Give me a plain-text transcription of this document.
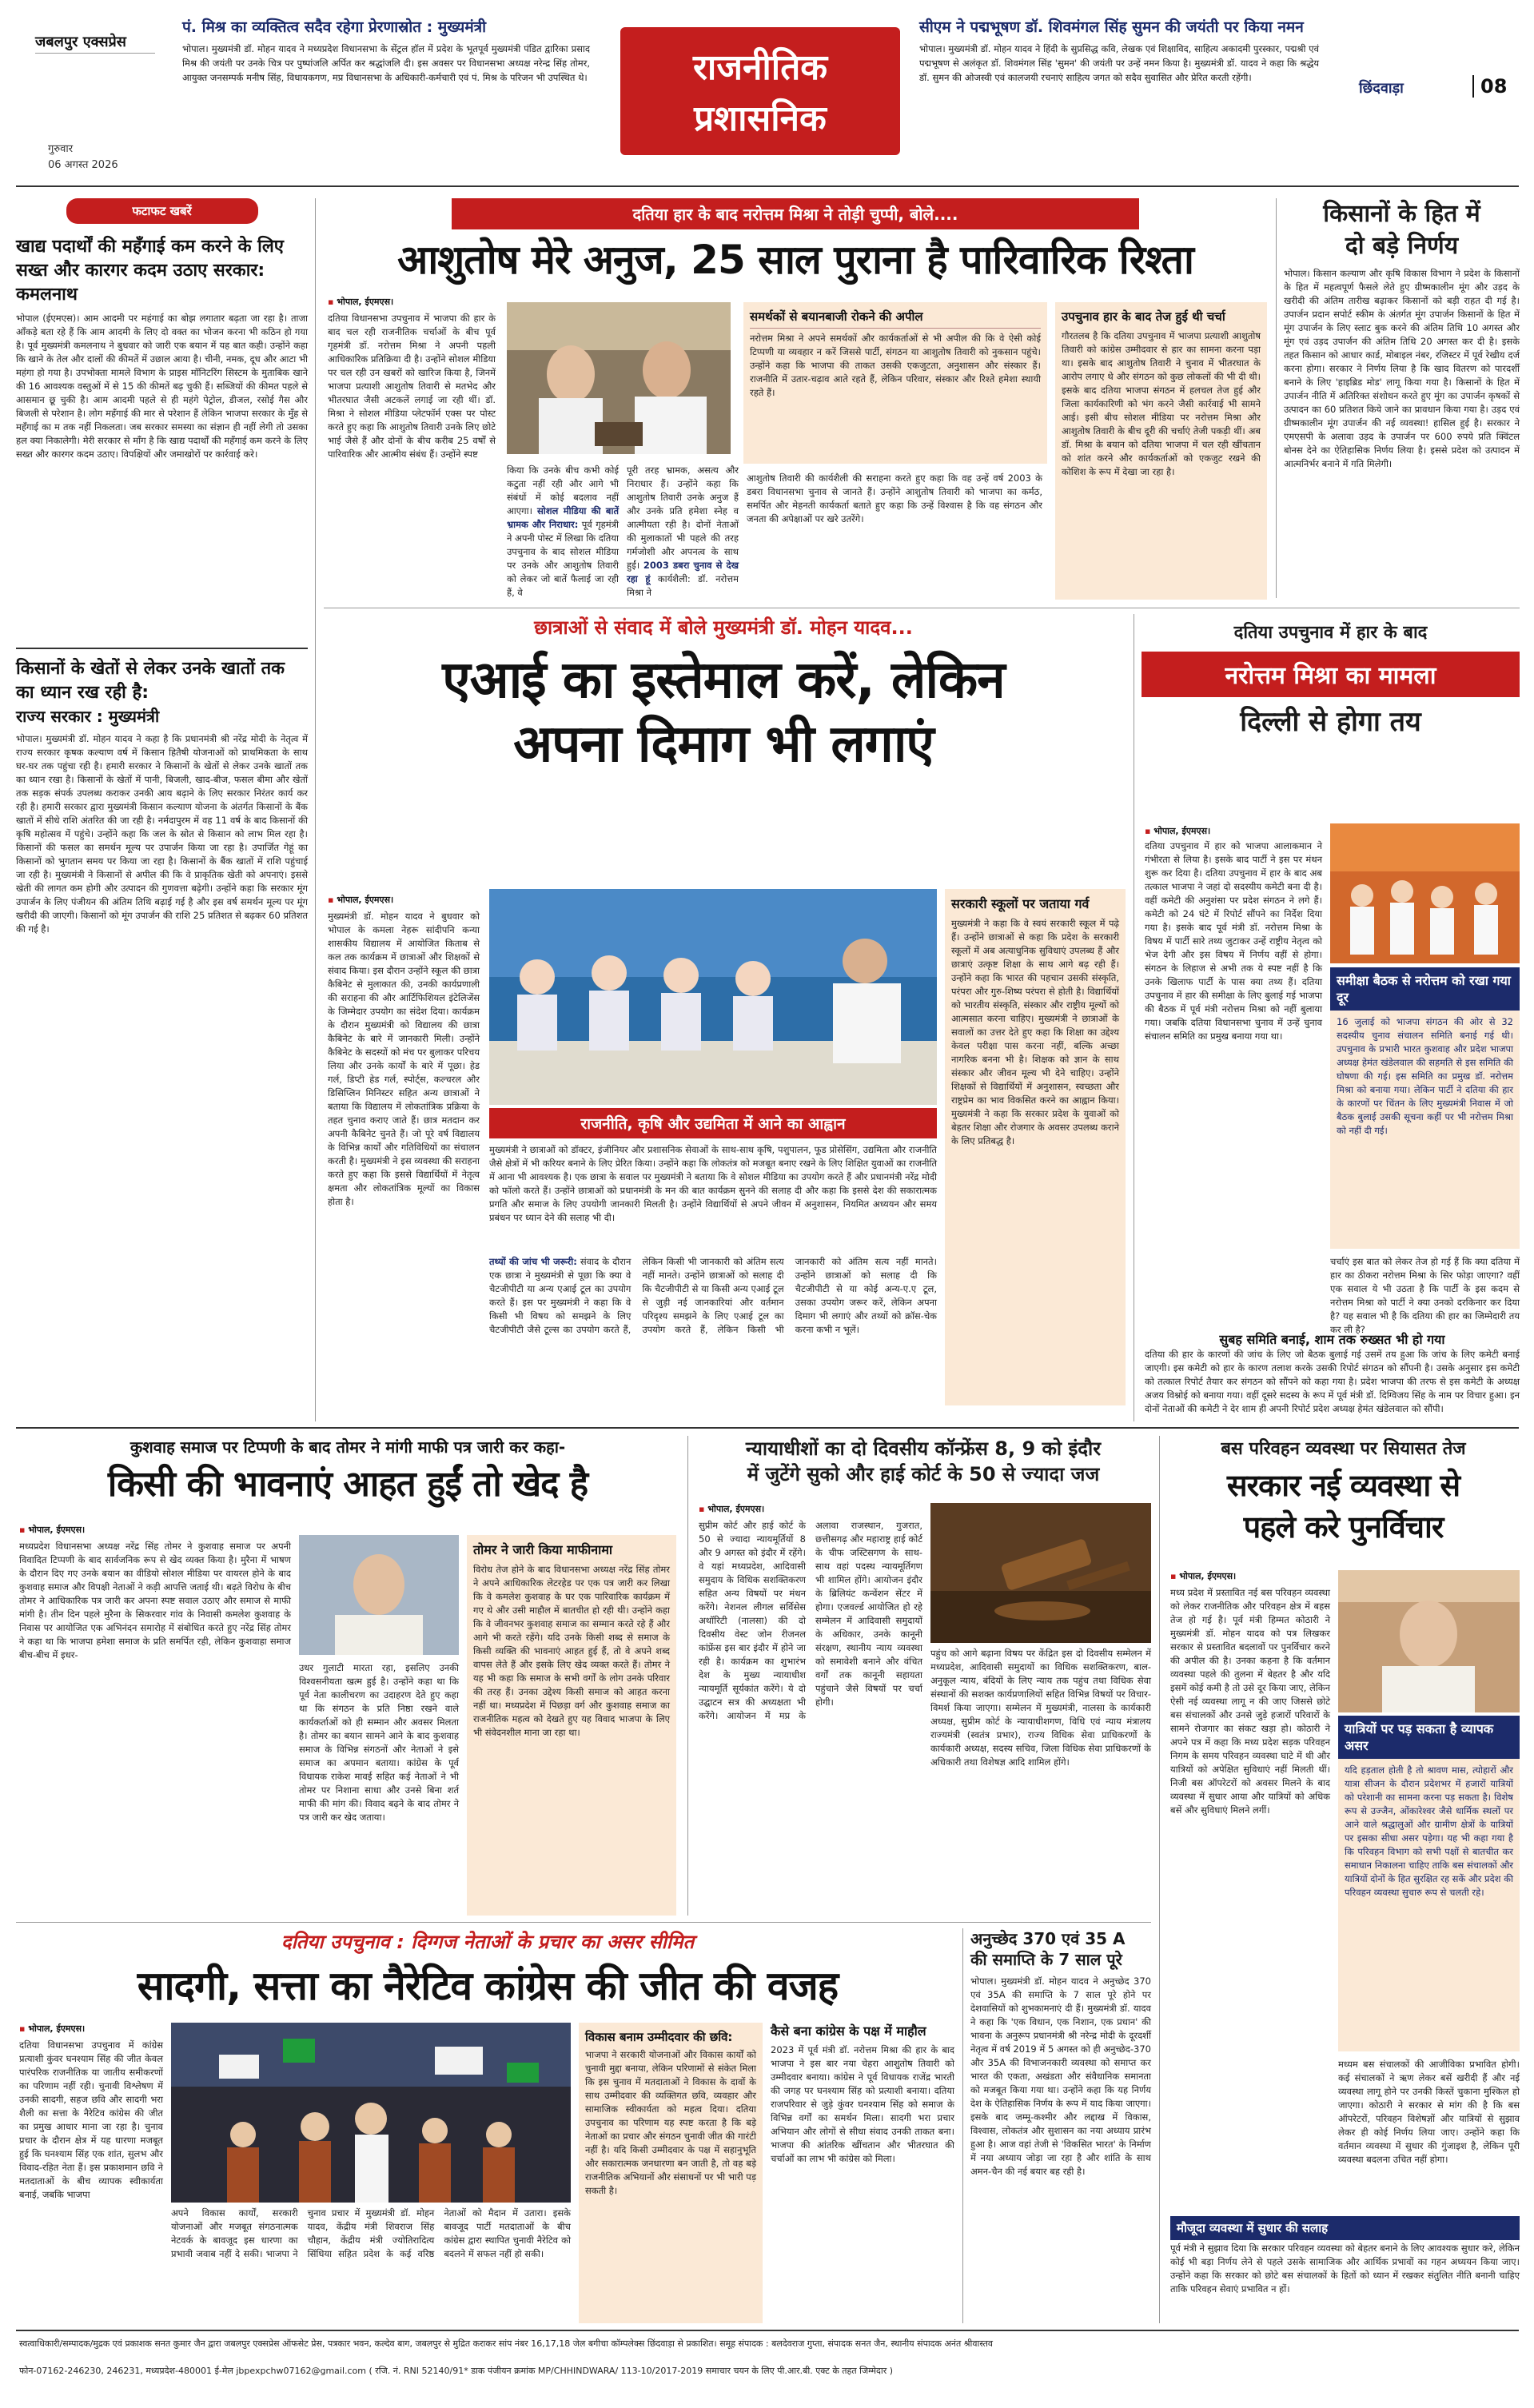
जबलपुर एक्सप्रेस
गुरुवार
06 अगस्त 2026
पं. मिश्र का व्यक्तित्व सदैव रहेगा प्रेरणास्रोत : मुख्यमंत्री
भोपाल। मुख्यमंत्री डॉ. मोहन यादव ने मध्यप्रदेश विधानसभा के सेंट्रल हॉल में प्रदेश के भूतपूर्व मुख्यमंत्री पंडित द्वारिका प्रसाद मिश्र की जयंती पर उनके चित्र पर पुष्पांजलि अर्पित कर श्रद्धांजलि दी। इस अवसर पर विधानसभा अध्यक्ष नरेन्द्र सिंह तोमर, आयुक्त जनसम्पर्क मनीष सिंह, विधायकगण, मप्र विधानसभा के अधिकारी-कर्मचारी एवं पं. मिश्र के परिजन भी उपस्थित थे।	राजनीतिक
प्रशासनिक
सीएम ने पद्मभूषण डॉ. शिवमंगल सिंह सुमन की जयंती पर किया नमन
भोपाल। मुख्यमंत्री डॉ. मोहन यादव ने हिंदी के सुप्रसिद्ध कवि, लेखक एवं शिक्षाविद, साहित्य अकादमी पुरस्कार, पद्मश्री एवं पद्मभूषण से अलंकृत डॉ. शिवमंगल सिंह 'सुमन' की जयंती पर उन्हें नमन किया है। मुख्यमंत्री डॉ. यादव ने कहा कि श्रद्धेय डॉ. सुमन की ओजस्वी एवं कालजयी रचनाएं साहित्य जगत को सदैव सुवासित और प्रेरित करती रहेंगी।
छिंदवाड़ा	08
फटाफट खबरें
खाद्य पदार्थों की महँगाई कम करने के लिए सख्त और कारगर कदम उठाए सरकार: कमलनाथ
भोपाल (ईएमएस)। आम आदमी पर महंगाई का बोझ लगातार बढ़ता जा रहा है। ताजा आँकड़े बता रहे हैं कि आम आदमी के लिए दो वक्त का भोजन करना भी कठिन हो गया है। पूर्व मुख्यमंत्री कमलनाथ ने बुधवार को जारी एक बयान में यह बात कही। उन्होंने कहा कि खाने के तेल और दालों की कीमतें में उछाल आया है। चीनी, नमक, दूध और आटा भी महंगा हो गया है। उपभोक्ता मामले विभाग के प्राइस मॉनिटरिंग सिस्टम के मुताबिक खाने की 16 आवश्यक वस्तुओं में से 15 की कीमतें बढ़ चुकी हैं। सब्जियों की कीमत पहले से आसमान छू चुकी है। आम आदमी पहले से ही महंगे पेट्रोल, डीजल, रसोई गैस और बिजली से परेशान है। लोग महँगाई की मार से परेशान हैं लेकिन भाजपा सरकार के मुँह से महँगाई का म तक नहीं निकलता। जब सरकार समस्या का संज्ञान ही नहीं लेगी तो उसका हल क्या निकालेगी। मेरी सरकार से माँग है कि खाद्य पदार्थों की महँगाई कम करने के लिए सख्त और कारगर कदम उठाए। विपक्षियों और जमाखोरों पर कार्रवाई करे।
किसानों के खेतों से लेकर उनके खातों तक का ध्यान रख रही है:
राज्य सरकार : मुख्यमंत्री
भोपाल। मुख्यमंत्री डॉ. मोहन यादव ने कहा है कि प्रधानमंत्री श्री नरेंद्र मोदी के नेतृत्व में राज्य सरकार कृषक कल्याण वर्ष में किसान हितैषी योजनाओं को प्राथमिकता के साथ घर-घर तक पहुंचा रही है। हमारी सरकार ने किसानों के खेतों से लेकर उनके खातों तक का ध्यान रखा है। किसानों के खेतों में पानी, बिजली, खाद-बीज, फसल बीमा और खेतों तक सड़क संपर्क उपलब्ध कराकर उनकी आय बढ़ाने के लिए सरकार निरंतर कार्य कर रही है। हमारी सरकार द्वारा मुख्यमंत्री किसान कल्याण योजना के अंतर्गत किसानों के बैंक खातों में सीधे राशि अंतरित की जा रही है। नर्मदापुरम में वह 11 वर्ष के बाद किसानों की कृषि महोत्सव में पहुंचे। उन्होंने कहा कि जल के स्रोत से किसान को लाभ मिल रहा है। किसानों की फसल का समर्थन मूल्य पर उपार्जन किया जा रहा है। उपार्जित गेहूं का किसानों को भुगतान समय पर किया जा रहा है। किसानों के बैंक खातों में राशि पहुंचाई जा रही है। मुख्यमंत्री ने किसानों से अपील की कि वे प्राकृतिक खेती को अपनाएं। इससे खेती की लागत कम होगी और उत्पादन की गुणवत्ता बढ़ेगी। उन्होंने कहा कि सरकार मूंग उपार्जन के लिए पंजीयन की अंतिम तिथि बढ़ाई गई है और इस वर्ष समर्थन मूल्य पर मूंग खरीदी की जाएगी। किसानों को मूंग उपार्जन की राशि 25 प्रतिशत से बढ़कर 60 प्रतिशत की गई है।
दतिया हार के बाद नरोत्तम मिश्रा ने तोड़ी चुप्पी, बोले....
आशुतोष मेरे अनुज, 25 साल पुराना है पारिवारिक रिश्ता
▪ भोपाल, ईएमएस।
दतिया विधानसभा उपचुनाव में भाजपा की हार के बाद चल रही राजनीतिक चर्चाओं के बीच पूर्व गृहमंत्री डॉ. नरोत्तम मिश्रा ने अपनी पहली आधिकारिक प्रतिक्रिया दी है। उन्होंने सोशल मीडिया पर चल रही उन खबरों को खारिज किया है, जिनमें भाजपा प्रत्याशी आशुतोष तिवारी से मतभेद और भीतरघात जैसी अटकलें लगाई जा रही थीं। डॉ. मिश्रा ने सोशल मीडिया प्लेटफॉर्म एक्स पर पोस्ट करते हुए कहा कि आशुतोष तिवारी उनके लिए छोटे भाई जैसे हैं और दोनों के बीच करीब 25 वर्षों से पारिवारिक और आत्मीय संबंध हैं। उन्होंने स्पष्ट
किया कि उनके बीच कभी कोई कटुता नहीं रही और आगे भी संबंधों में कोई बदलाव नहीं आएगा। सोशल मीडिया की बातें भ्रामक और निराधार: पूर्व गृहमंत्री ने अपनी पोस्ट में लिखा कि दतिया उपचुनाव के बाद सोशल मीडिया पर उनके और आशुतोष तिवारी को लेकर जो बातें फैलाई जा रही हैं, वे
पूरी तरह भ्रामक, असत्य और निराधार हैं। उन्होंने कहा कि आशुतोष तिवारी उनके अनुज हैं और उनके प्रति हमेशा स्नेह व आत्मीयता रही है। दोनों नेताओं की मुलाकातों भी पहले की तरह गर्मजोशी और अपनत्व के साथ हुईं। 2003 डबरा चुनाव से देख रहा हूं कार्यशैली: डॉ. नरोत्तम मिश्रा ने
समर्थकों से बयानबाजी रोकने की अपील
नरोत्तम मिश्रा ने अपने समर्थकों और कार्यकर्ताओं से भी अपील की कि वे ऐसी कोई टिप्पणी या व्यवहार न करें जिससे पार्टी, संगठन या आशुतोष तिवारी को नुकसान पहुंचे। उन्होंने कहा कि भाजपा की ताकत उसकी एकजुटता, अनुशासन और संस्कार हैं। राजनीति में उतार-चढ़ाव आते रहते हैं, लेकिन परिवार, संस्कार और रिश्ते हमेशा स्थायी रहते हैं।
आशुतोष तिवारी की कार्यशैली की सराहना करते हुए कहा कि वह उन्हें वर्ष 2003 के डबरा विधानसभा चुनाव से जानते हैं। उन्होंने आशुतोष तिवारी को भाजपा का कर्मठ, समर्पित और मेहनती कार्यकर्ता बताते हुए कहा कि उन्हें विश्वास है कि वह संगठन और जनता की अपेक्षाओं पर खरे उतरेंगे।
उपचुनाव हार के बाद तेज हुई थी चर्चा
गौरतलब है कि दतिया उपचुनाव में भाजपा प्रत्याशी आशुतोष तिवारी को कांग्रेस उम्मीदवार से हार का सामना करना पड़ा था। इसके बाद आशुतोष तिवारी ने चुनाव में भीतरघात के आरोप लगाए थे और संगठन को कुछ लोकलों की भी दी थी। इसके बाद दतिया भाजपा संगठन में हलचल तेज हुई और जिला कार्यकारिणी को भंग करने जैसी कार्रवाई भी सामने आई। इसी बीच सोशल मीडिया पर नरोत्तम मिश्रा और आशुतोष तिवारी के बीच दूरी की चर्चाएं तेजी पकड़ी थीं। अब डॉ. मिश्रा के बयान को दतिया भाजपा में चल रही खींचतान को शांत करने और कार्यकर्ताओं को एकजुट रखने की कोशिश के रूप में देखा जा रहा है।
किसानों के हित में
दो बड़े निर्णय
भोपाल। किसान कल्याण और कृषि विकास विभाग ने प्रदेश के किसानों के हित में महत्वपूर्ण फैसले लेते हुए ग्रीष्मकालीन मूंग और उड़द के खरीदी की अंतिम तारीख बढ़ाकर किसानों को बड़ी राहत दी गई है। उपार्जन प्रदान सपोर्ट स्कीम के अंतर्गत मूंग उपार्जन किसानों के हित में मूंग उपार्जन के लिए स्लाट बुक करने की अंतिम तिथि 10 अगस्त और मूंग एवं उड़द उपार्जन की अंतिम तिथि 20 अगस्त कर दी है। इसके तहत किसान को आधार कार्ड, मोबाइल नंबर, रजिस्टर में पूर्व रेखीय दर्ज करना होगा। सरकार ने निर्णय लिया है कि खाद वितरण को पारदर्शी बनाने के लिए 'हाइब्रिड मोड' लागू किया गया है। किसानों के हित में उपार्जन नीति में अतिरिक्त संशोधन करते हुए मूंग का उपार्जन कृषकों से उत्पादन का 60 प्रतिशत किये जाने का प्रावधान किया गया है। उड़द एवं ग्रीष्मकालीन मूंग उपार्जन की नई व्यवस्था! हासिल हुई है। सरकार ने एमएसपी के अलावा उड़द के उपार्जन पर 600 रुपये प्रति क्विंटल बोनस देने का ऐतिहासिक निर्णय लिया है। इससे प्रदेश को उत्पादन में आत्मनिर्भर बनाने में गति मिलेगी।
छात्राओं से संवाद में बोले मुख्यमंत्री डॉ. मोहन यादव...
एआई का इस्तेमाल करें, लेकिन
अपना दिमाग भी लगाएं
▪ भोपाल, ईएमएस।
मुख्यमंत्री डॉ. मोहन यादव ने बुधवार को भोपाल के कमला नेहरू सांदीपनि कन्या शासकीय विद्यालय में आयोजित किताब से कल तक कार्यक्रम में छात्राओं और शिक्षकों से संवाद किया। इस दौरान उन्होंने स्कूल की छात्रा कैबिनेट से मुलाकात की, उनकी कार्यप्रणाली की सराहना की और आर्टिफिशियल इंटेलिजेंस के जिम्मेदार उपयोग का संदेश दिया। कार्यक्रम के दौरान मुख्यमंत्री को विद्यालय की छात्रा कैबिनेट के बारे में जानकारी मिली। उन्होंने कैबिनेट के सदस्यों को मंच पर बुलाकर परिचय लिया और उनके कार्यों के बारे में पूछा। हेड गर्ल, डिप्टी हेड गर्ल, स्पोर्ट्स, कल्चरल और डिसिप्लिन मिनिस्टर सहित अन्य छात्राओं ने बताया कि विद्यालय में लोकतांत्रिक प्रक्रिया के तहत चुनाव कराए जाते हैं। छात्र मतदान कर अपनी कैबिनेट चुनते हैं। जो पूरे वर्ष विद्यालय के विभिन्न कार्यों और गतिविधियों का संचालन करती है। मुख्यमंत्री ने इस व्यवस्था की सराहना करते हुए कहा कि इससे विद्यार्थियों में नेतृत्व क्षमता और लोकतांत्रिक मूल्यों का विकास होता है।
राजनीति, कृषि और उद्यमिता में आने का आह्वान
मुख्यमंत्री ने छात्राओं को डॉक्टर, इंजीनियर और प्रशासनिक सेवाओं के साथ-साथ कृषि, पशुपालन, फूड प्रोसेसिंग, उद्यमिता और राजनीति जैसे क्षेत्रों में भी करियर बनाने के लिए प्रेरित किया। उन्होंने कहा कि लोकतंत्र को मजबूत बनाए रखने के लिए शिक्षित युवाओं का राजनीति में आना भी आवश्यक है। एक छात्रा के सवाल पर मुख्यमंत्री ने बताया कि वे सोशल मीडिया का उपयोग करते हैं और प्रधानमंत्री नरेंद्र मोदी को फॉलो करते हैं। उन्होंने छात्राओं को प्रधानमंत्री के मन की बात कार्यक्रम सुनने की सलाह दी और कहा कि इससे देश की सकारात्मक प्रगति और समाज के लिए उपयोगी जानकारी मिलती है। उन्होंने विद्यार्थियों से अपने जीवन में अनुशासन, नियमित अध्ययन और समय प्रबंधन पर ध्यान देने की सलाह भी दी।
तथ्यों की जांच भी जरूरी: संवाद के दौरान एक छात्रा ने मुख्यमंत्री से पूछा कि क्या वे चैटजीपीटी या अन्य एआई टूल का उपयोग करते हैं। इस पर मुख्यमंत्री ने कहा कि वे किसी भी विषय को समझने के लिए चैटजीपीटी जैसे टूल्स का उपयोग करते हैं, लेकिन किसी भी जानकारी को अंतिम सत्य नहीं मानते। उन्होंने छात्राओं को सलाह दी कि चैटजीपीटी से या किसी अन्य एआई टूल से जुड़ी नई जानकारियां और वर्तमान परिदृश्य समझने के लिए एआई टूल का उपयोग करते हैं, लेकिन किसी भी जानकारी को अंतिम सत्य नहीं मानते। उन्होंने छात्राओं को सलाह दी कि चैटजीपीटी से या कोई अन्य-ए.ए टूल, उसका उपयोग जरूर करें, लेकिन अपना दिमाग भी लगाएं और तथ्यों को क्रॉस-चेक करना कभी न भूलें।
सरकारी स्कूलों पर जताया गर्व
मुख्यमंत्री ने कहा कि वे स्वयं सरकारी स्कूल में पढ़े हैं। उन्होंने छात्राओं से कहा कि प्रदेश के सरकारी स्कूलों में अब अत्याधुनिक सुविधाएं उपलब्ध हैं और छात्राएं उत्कृष्ट शिक्षा के साथ आगे बढ़ रही हैं। उन्होंने कहा कि भारत की पहचान उसकी संस्कृति, परंपरा और गुरु-शिष्य परंपरा से होती है। विद्यार्थियों को भारतीय संस्कृति, संस्कार और राष्ट्रीय मूल्यों को आत्मसात करना चाहिए। मुख्यमंत्री ने छात्राओं के सवालों का उत्तर देते हुए कहा कि शिक्षा का उद्देश्य केवल परीक्षा पास करना नहीं, बल्कि अच्छा नागरिक बनना भी है। शिक्षक को ज्ञान के साथ संस्कार और जीवन मूल्य भी देने चाहिए। उन्होंने शिक्षकों से विद्यार्थियों में अनुशासन, स्वच्छता और राष्ट्रप्रेम का भाव विकसित करने का आह्वान किया। मुख्यमंत्री ने कहा कि सरकार प्रदेश के युवाओं को बेहतर शिक्षा और रोजगार के अवसर उपलब्ध कराने के लिए प्रतिबद्ध है।
दतिया उपचुनाव में हार के बाद
नरोत्तम मिश्रा का मामला
दिल्ली से होगा तय
▪ भोपाल, ईएमएस।
दतिया उपचुनाव में हार को भाजपा आलाकमान ने गंभीरता से लिया है। इसके बाद पार्टी ने इस पर मंथन शुरू कर दिया है। दतिया उपचुनाव में हार के बाद अब तत्काल भाजपा ने जहां दो सदस्यीय कमेटी बना दी है। वहीं कमेटी की अनुशंसा पर प्रदेश संगठन ने लगे हैं। कमेटी को 24 घंटे में रिपोर्ट सौंपने का निर्देश दिया गया है। इसके बाद पूर्व मंत्री डॉ. नरोत्तम मिश्रा के विषय में पार्टी सारे तथ्य जुटाकर उन्हें राष्ट्रीय नेतृत्व को भेज देगी और इस विषय में निर्णय वहीं से होगा। संगठन के लिहाज से अभी तक ये स्पष्ट नहीं है कि उनके खिलाफ पार्टी के पास क्या तथ्य हैं। दतिया उपचुनाव में हार की समीक्षा के लिए बुलाई गई भाजपा की बैठक में पूर्व मंत्री नरोत्तम मिश्रा को नहीं बुलाया गया। जबकि दतिया विधानसभा चुनाव में उन्हें चुनाव संचालन समिति का प्रमुख बनाया गया था।
समीक्षा बैठक से नरोत्तम को रखा गया दूर
16 जुलाई को भाजपा संगठन की ओर से 32 सदस्यीय चुनाव संचालन समिति बनाई गई थी। उपचुनाव के प्रभारी भारत कुशवाह और प्रदेश भाजपा अध्यक्ष हेमंत खंडेलवाल की सहमति से इस समिति की घोषणा की गई। इस समिति का प्रमुख डॉ. नरोत्तम मिश्रा को बनाया गया। लेकिन पार्टी ने दतिया की हार के कारणों पर चिंतन के लिए मुख्यमंत्री निवास में जो बैठक बुलाई उसकी सूचना कहीं पर भी नरोत्तम मिश्रा को नहीं दी गई।
चर्चाएं इस बात को लेकर तेज हो गई हैं कि क्या दतिया में हार का ठीकरा नरोत्तम मिश्रा के सिर फोड़ा जाएगा? वहीं एक सवाल ये भी उठता है कि पार्टी के इस कदम से नरोत्तम मिश्रा को पार्टी ने क्या उनको दरकिनार कर दिया है? यह सवाल भी है कि दतिया की हार का जिम्मेदारी तय कर ली है?
सुबह समिति बनाई, शाम तक रुख्सत भी हो गया
दतिया की हार के कारणों की जांच के लिए जो बैठक बुलाई गई उसमें तय हुआ कि जांच के लिए कमेटी बनाई जाएगी। इस कमेटी को हार के कारण तलाश करके उसकी रिपोर्ट संगठन को सौंपनी है। उसके अनुसार इस कमेटी को तत्काल रिपोर्ट तैयार कर संगठन को सौंपने को कहा गया है। प्रदेश भाजपा की तरफ से इस कमेटी के अध्यक्ष अजय विश्नोई को बनाया गया। वहीं दूसरे सदस्य के रूप में पूर्व मंत्री डॉ. दिग्विजय सिंह के नाम पर विचार हुआ। इन दोनों नेताओं की कमेटी ने देर शाम ही अपनी रिपोर्ट प्रदेश अध्यक्ष हेमंत खंडेलवाल को सौंपी।
कुशवाह समाज पर टिप्पणी के बाद तोमर ने मांगी माफी पत्र जारी कर कहा-
किसी की भावनाएं आहत हुईं तो खेद है
▪ भोपाल, ईएमएस।
मध्यप्रदेश विधानसभा अध्यक्ष नरेंद्र सिंह तोमर ने कुशवाह समाज पर अपनी विवादित टिप्पणी के बाद सार्वजनिक रूप से खेद व्यक्त किया है। मुरैना में भाषण के दौरान दिए गए उनके बयान का वीडियो सोशल मीडिया पर वायरल होने के बाद कुशवाह समाज और विपक्षी नेताओं ने कड़ी आपत्ति जताई थी। बढ़ते विरोध के बीच तोमर ने आधिकारिक पत्र जारी कर अपना स्पष्ट सवाल उठाए और समाज से माफी मांगी है। तीन दिन पहले मुरैना के सिकरवार गांव के निवासी कमलेश कुशवाह के निवास पर आयोजित एक अभिनंदन समारोह में संबोधित करते हुए नरेंद्र सिंह तोमर ने कहा था कि भाजपा हमेशा समाज के प्रति समर्पित रही, लेकिन कुशवाहा समाज बीच-बीच में इधर-
उधर गुलाटी मारता रहा, इसलिए उनकी विश्वसनीयता खत्म हुई है। उन्होंने कहा था कि पूर्व नेता कालीचरण का उदाहरण देते हुए कहा था कि संगठन के प्रति निष्ठा रखने वाले कार्यकर्ताओं को ही सम्मान और अवसर मिलता है। तोमर का बयान सामने आने के बाद कुशवाह समाज के विभिन्न संगठनों और नेताओं ने इसे समाज का अपमान बताया। कांग्रेस के पूर्व विधायक राकेश मावई सहित कई नेताओं ने भी तोमर पर निशाना साधा और उनसे बिना शर्त माफी की मांग की। विवाद बढ़ने के बाद तोमर ने पत्र जारी कर खेद जताया।
तोमर ने जारी किया माफीनामा
विरोध तेज होने के बाद विधानसभा अध्यक्ष नरेंद्र सिंह तोमर ने अपने आधिकारिक लेटरहेड पर एक पत्र जारी कर लिखा कि वे कमलेश कुशवाह के घर एक पारिवारिक कार्यक्रम में गए थे और उसी माहौल में बातचीत हो रही थी। उन्होंने कहा कि वे जीवनभर कुशवाह समाज का सम्मान करते रहे हैं और आगे भी करते रहेंगे। यदि उनके किसी शब्द से समाज के किसी व्यक्ति की भावनाएं आहत हुई हैं, तो वे अपने शब्द वापस लेते हैं और इसके लिए खेद व्यक्त करते हैं। तोमर ने यह भी कहा कि समाज के सभी वर्गों के लोग उनके परिवार की तरह हैं। उनका उद्देश्य किसी समाज को आहत करना नहीं था। मध्यप्रदेश में पिछड़ा वर्ग और कुशवाह समाज का राजनीतिक महत्व को देखते हुए यह विवाद भाजपा के लिए भी संवेदनशील माना जा रहा था।
न्यायाधीशों का दो दिवसीय कॉन्फ्रेंस 8, 9 को इंदौर
में जुटेंगे सुको और हाई कोर्ट के 50 से ज्यादा जज
▪ भोपाल, ईएमएस।
सुप्रीम कोर्ट और हाई कोर्ट के 50 से ज्यादा न्यायमूर्तियों 8 और 9 अगस्त को इंदौर में रहेंगे। वे यहां मध्यप्रदेश, आदिवासी समुदाय के विधिक सशक्तिकरण सहित अन्य विषयों पर मंथन करेंगे। नेशनल लीगल सर्विसेस अथॉरिटी (नालसा) की दो दिवसीय वेस्ट जोन रीजनल कांफ्रेंस इस बार इंदौर में होने जा रही है। कार्यक्रम का शुभारंभ देश के मुख्य न्यायाधीश न्यायमूर्ति सूर्यकांत करेंगे। ये दो उद्घाटन सत्र की अध्यक्षता भी करेंगे। आयोजन में मप्र के अलावा राजस्थान, गुजरात, छत्तीसगढ़ और महाराष्ट्र हाई कोर्ट के चीफ जस्टिसगण के साथ-साथ वहां पदस्थ न्यायमूर्तिगण भी शामिल होंगे। आयोजन इंदौर के ब्रिलियंट कन्वेंशन सेंटर में होगा। एजवर्ल्ड आयोजित हो रहे सम्मेलन में आदिवासी समुदायों के अधिकार, उनके कानूनी संरक्षण, स्थानीय न्याय व्यवस्था को समावेशी बनाने और वंचित वर्गों तक कानूनी सहायता पहुंचाने जैसे विषयों पर चर्चा होगी।
पहुंच को आगे बढ़ाना विषय पर केंद्रित इस दो दिवसीय सम्मेलन में मध्यप्रदेश, आदिवासी समुदायों का विधिक सशक्तिकरण, बाल-अनुकूल न्याय, बंदियों के लिए न्याय तक पहुंच तथा विधिक सेवा संस्थानों की सशक्त कार्यप्रणालियों सहित विभिन्न विषयों पर विचार-विमर्श किया जाएगा। सम्मेलन में मुख्यमंत्री, नालसा के कार्यकारी अध्यक्ष, सुप्रीम कोर्ट के न्यायाधीशगण, विधि एवं न्याय मंत्रालय राज्यमंत्री (स्वतंत्र प्रभार), राज्य विधिक सेवा प्राधिकरणों के कार्यकारी अध्यक्ष, सदस्य सचिव, जिला विधिक सेवा प्राधिकरणों के अधिकारी तथा विशेषज्ञ आदि शामिल होंगे।
बस परिवहन व्यवस्था पर सियासत तेज
सरकार नई व्यवस्था से
पहले करे पुनर्विचार
▪ भोपाल, ईएमएस।
मध्य प्रदेश में प्रस्तावित नई बस परिवहन व्यवस्था को लेकर राजनीतिक और परिवहन क्षेत्र में बहस तेज हो गई है। पूर्व मंत्री हिम्मत कोठारी ने मुख्यमंत्री डॉ. मोहन यादव को पत्र लिखकर सरकार से प्रस्तावित बदलावों पर पुनर्विचार करने की अपील की है। उनका कहना है कि वर्तमान व्यवस्था पहले की तुलना में बेहतर है और यदि इसमें कोई कमी है तो उसे दूर किया जाए, लेकिन ऐसी नई व्यवस्था लागू न की जाए जिससे छोटे बस संचालकों और उनसे जुड़े हजारों परिवारों के सामने रोजगार का संकट खड़ा हो। कोठारी ने अपने पत्र में कहा कि मध्य प्रदेश सड़क परिवहन निगम के समय परिवहन व्यवस्था घाटे में थी और यात्रियों को अपेक्षित सुविधाएं नहीं मिलती थीं। निजी बस ऑपरेटरों को अवसर मिलने के बाद व्यवस्था में सुधार आया और यात्रियों को अधिक बसें और सुविधाएं मिलने लगीं।
यात्रियों पर पड़ सकता है व्यापक असर
यदि हड़ताल होती है तो श्रावण मास, त्योहारों और यात्रा सीजन के दौरान प्रदेशभर में हजारों यात्रियों को परेशानी का सामना करना पड़ सकता है। विशेष रूप से उज्जैन, ओंकारेश्वर जैसे धार्मिक स्थलों पर आने वाले श्रद्धालुओं और ग्रामीण क्षेत्रों के यात्रियों पर इसका सीधा असर पड़ेगा। यह भी कहा गया है कि परिवहन विभाग को सभी पक्षों से बातचीत कर समाधान निकालना चाहिए ताकि बस संचालकों और यात्रियों दोनों के हित सुरक्षित रह सकें और प्रदेश की परिवहन व्यवस्था सुचारु रूप से चलती रहे।
मध्यम बस संचालकों की आजीविका प्रभावित होगी। कई संचालकों ने ऋण लेकर बसें खरीदी हैं और नई व्यवस्था लागू होने पर उनकी किस्तें चुकाना मुश्किल हो जाएगा। कोठारी ने सरकार से मांग की है कि बस ऑपरेटरों, परिवहन विशेषज्ञों और यात्रियों से सुझाव लेकर ही कोई निर्णय लिया जाए। उन्होंने कहा कि वर्तमान व्यवस्था में सुधार की गुंजाइश है, लेकिन पूरी व्यवस्था बदलना उचित नहीं होगा।
मौजूदा व्यवस्था में सुधार की सलाह
पूर्व मंत्री ने सुझाव दिया कि सरकार परिवहन व्यवस्था को बेहतर बनाने के लिए आवश्यक सुधार करे, लेकिन कोई भी बड़ा निर्णय लेने से पहले उसके सामाजिक और आर्थिक प्रभावों का गहन अध्ययन किया जाए। उन्होंने कहा कि सरकार को छोटे बस संचालकों के हितों को ध्यान में रखकर संतुलित नीति बनानी चाहिए ताकि परिवहन सेवाएं प्रभावित न हों।
दतिया उपचुनाव : दिग्गज नेताओं के प्रचार का असर सीमित
सादगी, सत्ता का नैरेटिव कांग्रेस की जीत की वजह
▪ भोपाल, ईएमएस।
दतिया विधानसभा उपचुनाव में कांग्रेस प्रत्याशी कुंवर घनश्याम सिंह की जीत केवल पारंपरिक राजनीतिक या जातीय समीकरणों का परिणाम नहीं रही। चुनावी विश्लेषण में उनकी सादगी, सहज छवि और सादगी भरा शैली का सत्ता के नैरेटिव कांग्रेस की जीत का प्रमुख आधार माना जा रहा है। चुनाव प्रचार के दौरान क्षेत्र में यह धारणा मजबूत हुई कि घनश्याम सिंह एक शांत, सुलभ और विवाद-रहित नेता हैं। इस प्रकाशमान छवि ने मतदाताओं के बीच व्यापक स्वीकार्यता बनाई, जबकि भाजपा
अपने विकास कार्यों, सरकारी योजनाओं और मजबूत संगठनात्मक नेटवर्क के बावजूद इस धारणा का प्रभावी जवाब नहीं दे सकी। भाजपा ने चुनाव प्रचार में मुख्यमंत्री डॉ. मोहन यादव, केंद्रीय मंत्री शिवराज सिंह चौहान, केंद्रीय मंत्री ज्योतिरादित्य सिंधिया सहित प्रदेश के कई वरिष्ठ नेताओं को मैदान में उतारा। इसके बावजूद पार्टी मतदाताओं के बीच कांग्रेस द्वारा स्थापित चुनावी नैरेटिव को बदलने में सफल नहीं हो सकी।
विकास बनाम उम्मीदवार की छवि:
भाजपा ने सरकारी योजनाओं और विकास कार्यों को चुनावी मुद्दा बनाया, लेकिन परिणामों से संकेत मिला कि इस चुनाव में मतदाताओं ने विकास के दावों के साथ उम्मीदवार की व्यक्तिगत छवि, व्यवहार और सामाजिक स्वीकार्यता को महत्व दिया। दतिया उपचुनाव का परिणाम यह स्पष्ट करता है कि बड़े नेताओं का प्रचार और संगठन चुनावी जीत की गारंटी नहीं है। यदि किसी उम्मीदवार के पक्ष में सहानुभूति और सकारात्मक जनधारणा बन जाती है, तो वह बड़े राजनीतिक अभियानों और संसाधनों पर भी भारी पड़ सकती है।
कैसे बना कांग्रेस के पक्ष में माहौल
2023 में पूर्व मंत्री डॉ. नरोत्तम मिश्रा की हार के बाद भाजपा ने इस बार नया चेहरा आशुतोष तिवारी को उम्मीदवार बनाया। कांग्रेस ने पूर्व विधायक राजेंद्र भारती की जगह पर घनश्याम सिंह को प्रत्याशी बनाया। दतिया राजपरिवार से जुड़े कुंवर घनश्याम सिंह को समाज के विभिन्न वर्गों का समर्थन मिला। सादगी भरा प्रचार अभियान और लोगों से सीधा संवाद उनकी ताकत बना। भाजपा की आंतरिक खींचतान और भीतरघात की चर्चाओं का लाभ भी कांग्रेस को मिला।
अनुच्छेद 370 एवं 35 A
की समाप्ति के 7 साल पूरे
भोपाल। मुख्यमंत्री डॉ. मोहन यादव ने अनुच्छेद 370 एवं 35A की समाप्ति के 7 साल पूरे होने पर देशवासियों को शुभकामनाएं दी हैं। मुख्यमंत्री डॉ. यादव ने कहा कि 'एक विधान, एक निशान, एक प्रधान' की भावना के अनुरूप प्रधानमंत्री श्री नरेन्द्र मोदी के दूरदर्शी नेतृत्व में वर्ष 2019 में 5 अगस्त को ही अनुच्छेद-370 और 35A की विभाजनकारी व्यवस्था को समाप्त कर भारत की एकता, अखंडता और संवैधानिक समानता को मजबूत किया गया था। उन्होंने कहा कि यह निर्णय देश के ऐतिहासिक निर्णय के रूप में याद किया जाएगा। इसके बाद जम्मू-कश्मीर और लद्दाख में विकास, विश्वास, लोकतंत्र और सुशासन का नया अध्याय प्रारंभ हुआ है। आज वहां तेजी से 'विकसित भारत' के निर्माण में नया अध्याय जोड़ा जा रहा है और शांति के साथ अमन-चैन की नई बयार बह रही है।
स्वत्वाधिकारी/सम्पादक/मुद्रक एवं प्रकाशक सनत कुमार जैन द्वारा जबलपुर एक्सप्रेस ऑफसेट प्रेस, पत्रकार भवन, कल्देव बाग, जबलपुर से मुद्रित कराकर सांप नंबर 16,17,18 जेल बगीचा कॉम्पलेक्स छिंदवाड़ा से प्रकाशित। समूह संपादक : बलदेवराज गुप्ता, संपादक सनत जैन, स्थानीय संपादक अनंत श्रीवास्तव
फोन-07162-246230, 246231, मध्यप्रदेश-480001 ई-मेल jbpexpchw07162@gmail.com ( रजि. नं. RNI 52140/91* डाक पंजीयन क्रमांक MP/CHHINDWARA/ 113-10/2017-2019 समाचार चयन के लिए पी.आर.बी. एक्ट के तहत जिम्मेदार )
